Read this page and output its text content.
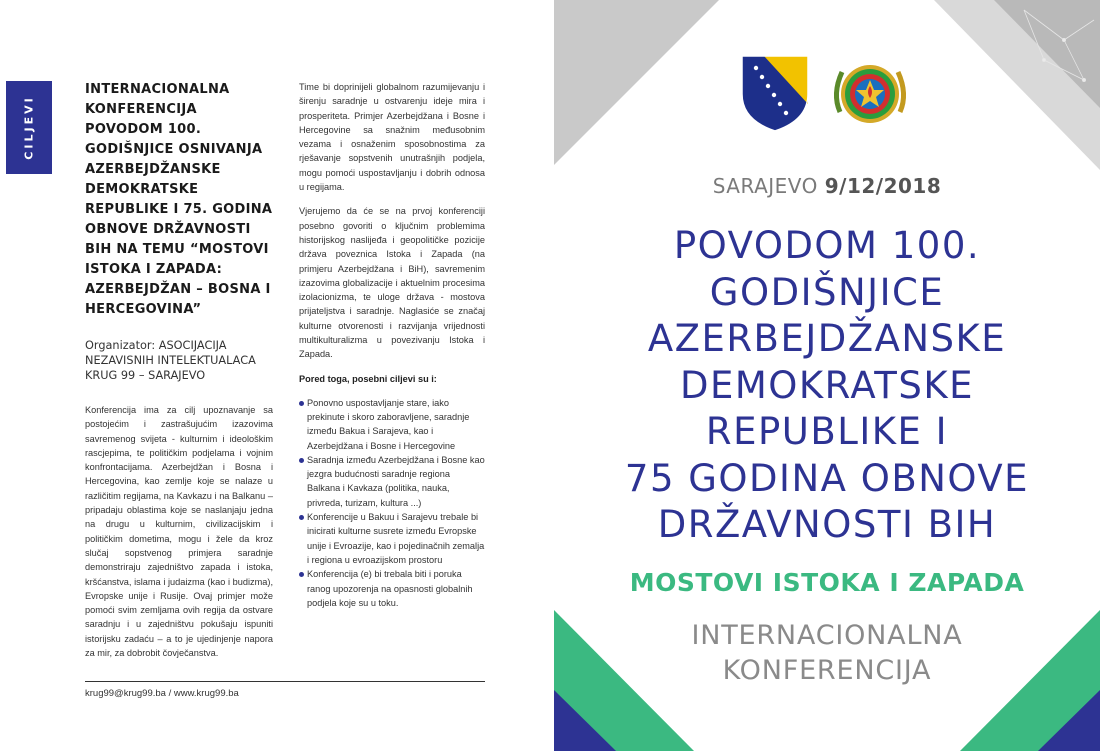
CILJEVI
INTERNACIONALNA KONFERENCIJA POVODOM 100. GODIŠNJICE OSNIVANJA AZERBEJDŽANSKE DEMOKRATSKE REPUBLIKE I 75. GODINA OBNOVE DRŽAVNOSTI BIH NA TEMU “MOSTOVI ISTOKA I ZAPADA: AZERBEJDŽAN – BOSNA I HERCEGOVINA”
Organizator: ASOCIJACIJA NEZAVISNIH INTELEKTUALACA KRUG 99 – SARAJEVO

Konferencija ima za cilj upoznavanje sa postojećim i zastrašujućim izazovima savremenog svijeta - kulturnim i ideološkim rascjepima, te političkim podjelama i vojnim konfrontacijama. Azerbejdžan i Bosna i Hercegovina, kao zemlje koje se nalaze u različitim regijama, na Kavkazu i na Balkanu – pripadaju oblastima koje se naslanjaju jedna na drugu u kulturnim, civilizacijskim i političkim dometima, mogu i žele da kroz slučaj sopstvenog primjera saradnje demonstriraju zajedništvo zapada i istoka, kršćanstva, islama i judaizma (kao i budizma), Evropske unije i Rusije. Ovaj primjer može pomoći svim zemljama ovih regija da ostvare saradnju i u zajedništvu pokušaju ispuniti istorijsku zadaću – a to je ujedinjenje napora za mir, za dobrobit čovječanstva.

Time bi doprinijeli globalnom razumijevanju i širenju saradnje u ostvarenju ideje mira i prosperiteta. Primjer Azerbejdžana i Bosne i Hercegovine sa snažnim međusobnim vezama i osnaženim sposobnostima za rješavanje sopstvenih unutrašnjih podjela, mogu pomoći uspostavljanju i dobrih odnosa u regijama.

Vjerujemo da će se na prvoj konferenciji posebno govoriti o ključnim problemima historijskog naslijeđa i geopolitičke pozicije država poveznica Istoka i Zapada (na primjeru Azerbejdžana i BiH), savremenim izazovima globalizacije i aktuelnim procesima izolacionizma, te uloge država - mostova prijateljstva i saradnje. Naglasiće se značaj kulturne otvorenosti i razvijanja vrijednosti multikulturalizma u povezivanju Istoka i Zapada.

Pored toga, posebni ciljevi su i:

Ponovno uspostavljanje stare, iako prekinute i skoro zaboravljene, saradnje između Bakua i Sarajeva, kao i Azerbejdžana i Bosne i Hercegovine
Saradnja između Azerbejdžana i Bosne kao jezgra budućnosti saradnje regiona Balkana i Kavkaza (politika, nauka, privreda, turizam, kultura ...)
Konferencije u Bakuu i Sarajevu trebale bi inicirati kulturne susrete između Evropske unije i Evroazije, kao i pojedinačnih zemalja i regiona u evroazijskom prostoru
Konferencija (e) bi trebala biti i poruka ranog upozorenja na opasnosti globalnih podjela koje su u toku.
krug99@krug99.ba / www.krug99.ba
SARAJEVO 9/12/2018
POVODOM 100.
GODIŠNJICE
AZERBEJDŽANSKE
DEMOKRATSKE
REPUBLIKE I
75 GODINA OBNOVE
DRŽAVNOSTI BIH
MOSTOVI ISTOKA I ZAPADA
INTERNACIONALNA
KONFERENCIJA
